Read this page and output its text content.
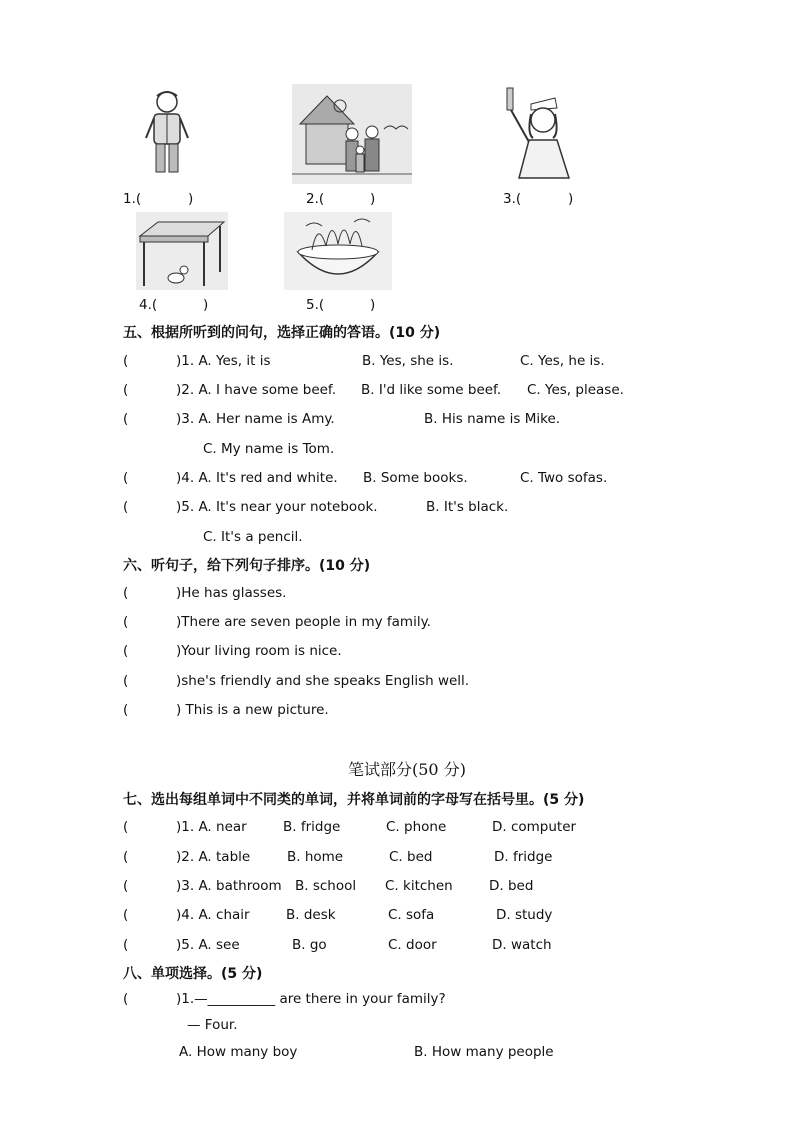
1.(	)	2.(	)	3.(	)
4.(	)	5.(	)
五、根据所听到的问句，选择正确的答语。(10 分)
(	)1. A. Yes, it is	B. Yes, she is.	C. Yes, he is.
(	)2. A. I have some beef. B. I'd like some beef. C. Yes, please.
(	)3. A. Her name is Amy.	B. His name is Mike.
C. My name is Tom.
(	)4. A. It's red and white. B. Some books.	C. Two sofas.
(	)5. A. It's near your notebook.	B. It's black.
C. It's a pencil.
六、听句子，给下列句子排序。(10 分)
(	)He has glasses.
(	)There are seven people in my family.
(	)Your living room is nice.
(	)she's friendly and she speaks English well.
(	) This is a new picture.
笔试部分(50 分)
七、选出每组单词中不同类的单词，并将单词前的字母写在括号里。(5 分)
(	)1. A. near	B. fridge	C. phone	D. computer
(	)2. A. table	B. home	C. bed	D. fridge
(	)3. A. bathroom B. school C. kitchen	D. bed
(	)4. A. chair	B. desk	C. sofa	D. study
(	)5. A. see	B. go	C. door	D. watch
八、单项选择。(5 分)
(	)1.—__________ are there in your family?
— Four.
A. How many boy	B. How many people
